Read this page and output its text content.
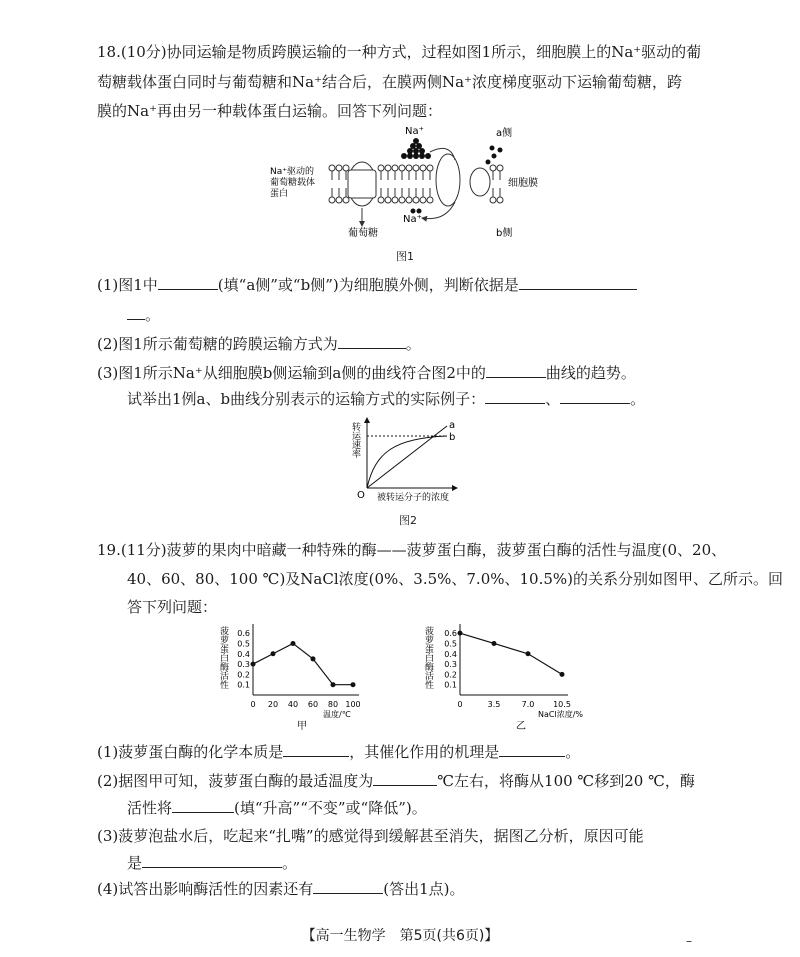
18.(10分)协同运输是物质跨膜运输的一种方式，过程如图1所示，细胞膜上的Na⁺驱动的葡
萄糖载体蛋白同时与葡萄糖和Na⁺结合后，在膜两侧Na⁺浓度梯度驱动下运输葡萄糖，跨
膜的Na⁺再由另一种载体蛋白运输。回答下列问题：
Na⁺
Na⁺
a侧
b侧
细胞膜
Na⁺驱动的
葡萄糖载体
蛋白
葡萄糖
图1
(1)图1中	(填“a侧”或“b侧”)为细胞膜外侧，判断依据是
。
(2)图1所示葡萄糖的跨膜运输方式为	。
(3)图1所示Na⁺从细胞膜b侧运输到a侧的曲线符合图2中的	曲线的趋势。
试举出1例a、b曲线分别表示的运输方式的实际例子：	、	。
a
b
O 被转运分子的浓度
转运速率
图2
19.(11分)菠萝的果肉中暗藏一种特殊的酶——菠萝蛋白酶，菠萝蛋白酶的活性与温度(0、20、
40、60、80、100 ℃)及NaCl浓度(0%、3.5%、7.0%、10.5%)的关系分别如图甲、乙所示。回
答下列问题：
0.1
0.2
0.3
0.4
0.5
0.6
0 20 40 60 80 100
菠萝蛋白酶活性
温度/℃
甲
0.1
0.2
0.3
0.4
0.5
0.6
0	3.5	7.0 10.5
菠萝蛋白酶活性
NaCl浓度/%
乙
(1)菠萝蛋白酶的化学本质是	，其催化作用的机理是	。
(2)据图甲可知，菠萝蛋白酶的最适温度为	℃左右，将酶从100 ℃移到20 ℃，酶
活性将	(填“升高”“不变”或“降低”)。
(3)菠萝泡盐水后，吃起来“扎嘴”的感觉得到缓解甚至消失，据图乙分析，原因可能
是	。
(4)试答出影响酶活性的因素还有	(答出1点)。
【高一生物学　第5页(共6页)】	–
